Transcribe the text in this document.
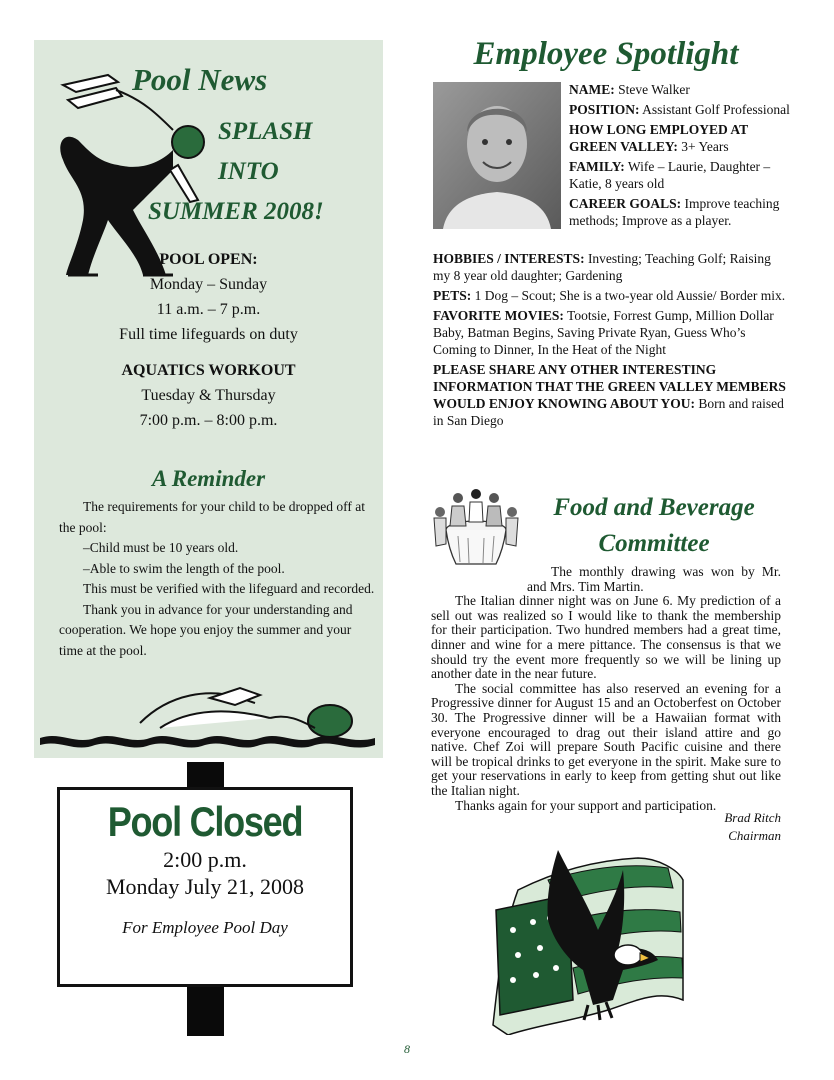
Pool News
SPLASH
INTO
SUMMER 2008!
POOL OPEN:
Monday – Sunday
11 a.m. – 7 p.m.
Full time lifeguards on duty
AQUATICS WORKOUT
Tuesday & Thursday
7:00 p.m. – 8:00 p.m.
A Reminder

The requirements for your child to be dropped off at the pool:

–Child must be 10 years old.

–Able to swim the length of the pool.

This must be verified with the lifeguard and recorded.

Thank you in advance for your understanding and cooperation. We hope you enjoy the summer and your time at the pool.

Pool Closed
2:00 p.m.
Monday July 21, 2008
For Employee Pool Day
Employee Spotlight

NAME: Steve Walker

POSITION: Assistant Golf Professional

HOW LONG EMPLOYED AT GREEN VALLEY: 3+ Years

FAMILY: Wife – Laurie, Daughter – Katie, 8 years old

CAREER GOALS: Improve teaching methods; Improve as a player.

HOBBIES / INTERESTS: Investing; Teaching Golf; Raising my 8 year old daughter; Gardening

PETS: 1 Dog – Scout; She is a two-year old Aussie/ Border mix.

FAVORITE MOVIES: Tootsie, Forrest Gump, Million Dollar Baby, Batman Begins, Saving Private Ryan, Guess Who’s Coming to Dinner, In the Heat of the Night

PLEASE SHARE ANY OTHER INTERESTING INFORMATION THAT THE GREEN VALLEY MEMBERS WOULD ENJOY KNOWING ABOUT YOU: Born and raised in San Diego

Food and Beverage
Committee

The monthly drawing was won by Mr. and Mrs. Tim Martin.

The Italian dinner night was on June 6. My prediction of a sell out was realized so I would like to thank the membership for their participation. Two hundred members had a great time, dinner and wine for a mere pittance. The consensus is that we should try the event more frequently so we will be lining up another date in the near future.

The social committee has also reserved an evening for a Progressive dinner for August 15 and an Octoberfest on October 30. The Progressive dinner will be a Hawaiian format with everyone encouraged to drag out their island attire and go native. Chef Zoi will prepare South Pacific cuisine and there will be tropical drinks to get everyone in the spirit. Make sure to get your reservations in early to keep from getting shut out like the Italian night.

Thanks again for your support and participation.

Brad Ritch
Chairman
8
